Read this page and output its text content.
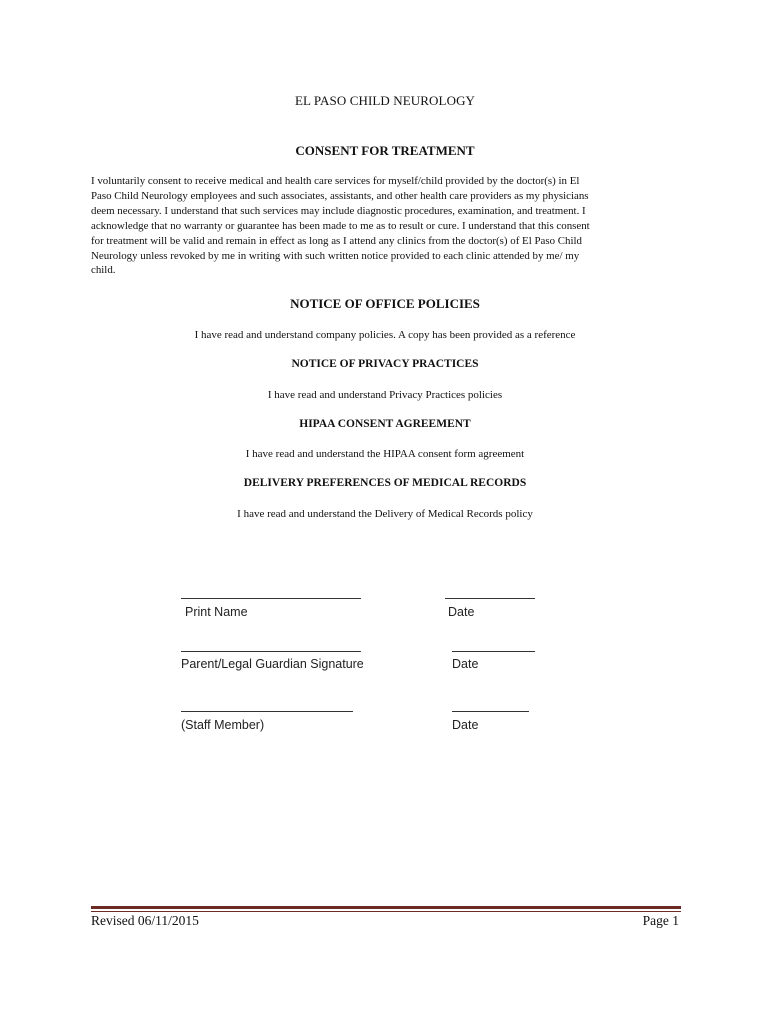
EL PASO CHILD NEUROLOGY
CONSENT FOR TREATMENT
I voluntarily consent to receive medical and health care services for myself/child provided by the doctor(s) in El
Paso Child Neurology employees and such associates, assistants, and other health care providers as my physicians
deem necessary. I understand that such services may include diagnostic procedures, examination, and treatment. I
acknowledge that no warranty or guarantee has been made to me as to result or cure. I understand that this consent
for treatment will be valid and remain in effect as long as I attend any clinics from the doctor(s) of El Paso Child
Neurology unless revoked by me in writing with such written notice provided to each clinic attended by me/ my
child.
NOTICE OF OFFICE POLICIES
I have read and understand company policies. A copy has been provided as a reference
NOTICE OF PRIVACY PRACTICES
I have read and understand Privacy Practices policies
HIPAA CONSENT AGREEMENT
I have read and understand the HIPAA consent form agreement
DELIVERY PREFERENCES OF MEDICAL RECORDS
I have read and understand the Delivery of Medical Records policy
Print Name	Date
Parent/Legal Guardian Signature	Date
(Staff Member)	Date
Revised 06/11/2015	Page 1
